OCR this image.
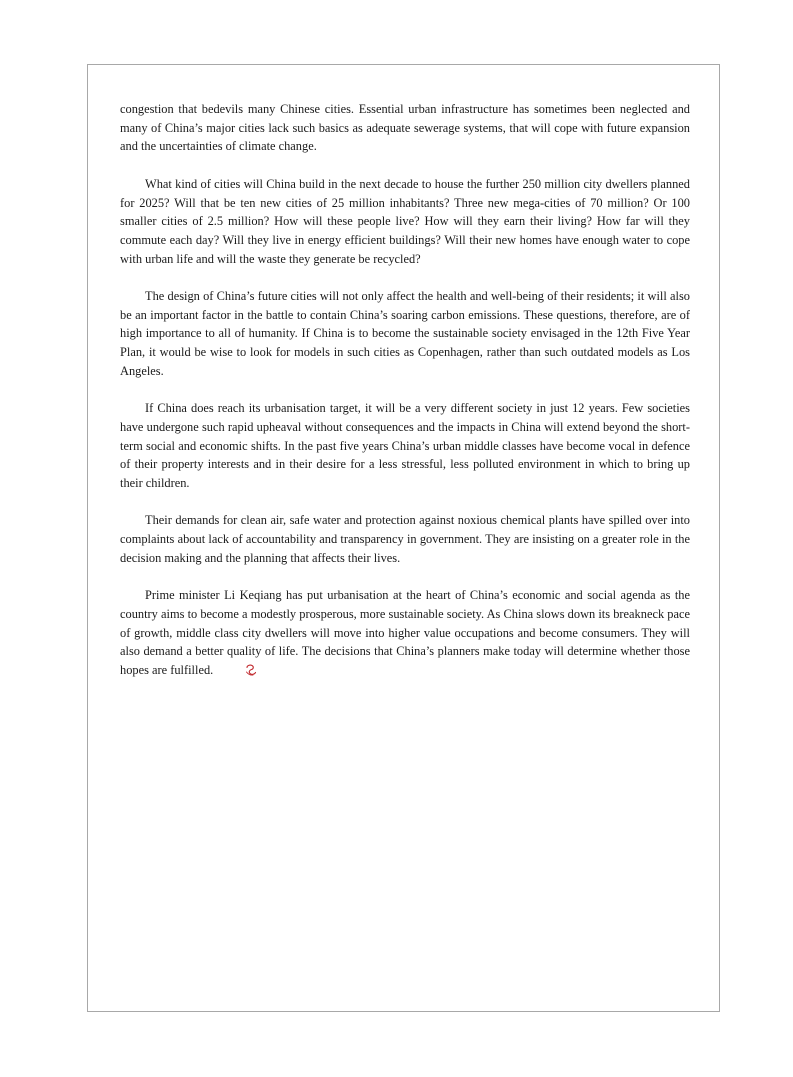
congestion that bedevils many Chinese cities. Essential urban infrastructure has sometimes been neglected and many of China’s major cities lack such basics as adequate sewerage systems, that will cope with future expansion and the uncertainties of climate change.

What kind of cities will China build in the next decade to house the further 250 million city dwellers planned for 2025? Will that be ten new cities of 25 million inhabitants? Three new mega-cities of 70 million? Or 100 smaller cities of 2.5 million? How will these people live? How will they earn their living? How far will they commute each day? Will they live in energy efficient buildings? Will their new homes have enough water to cope with urban life and will the waste they generate be recycled?

The design of China’s future cities will not only affect the health and well-being of their residents; it will also be an important factor in the battle to contain China’s soaring carbon emissions. These questions, therefore, are of high importance to all of humanity. If China is to become the sustainable society envisaged in the 12th Five Year Plan, it would be wise to look for models in such cities as Copenhagen, rather than such outdated models as Los Angeles.

If China does reach its urbanisation target, it will be a very different society in just 12 years. Few societies have undergone such rapid upheaval without consequences and the impacts in China will extend beyond the short-term social and economic shifts. In the past five years China’s urban middle classes have become vocal in defence of their property interests and in their desire for a less stressful, less polluted environment in which to bring up their children.

Their demands for clean air, safe water and protection against noxious chemical plants have spilled over into complaints about lack of accountability and transparency in government. They are insisting on a greater role in the decision making and the planning that affects their lives.

Prime minister Li Keqiang has put urbanisation at the heart of China’s economic and social agenda as the country aims to become a modestly prosperous, more sustainable society. As China slows down its breakneck pace of growth, middle class city dwellers will move into higher value occupations and become consumers. They will also demand a better quality of life. The decisions that China’s planners make today will determine whether those hopes are fulfilled.
